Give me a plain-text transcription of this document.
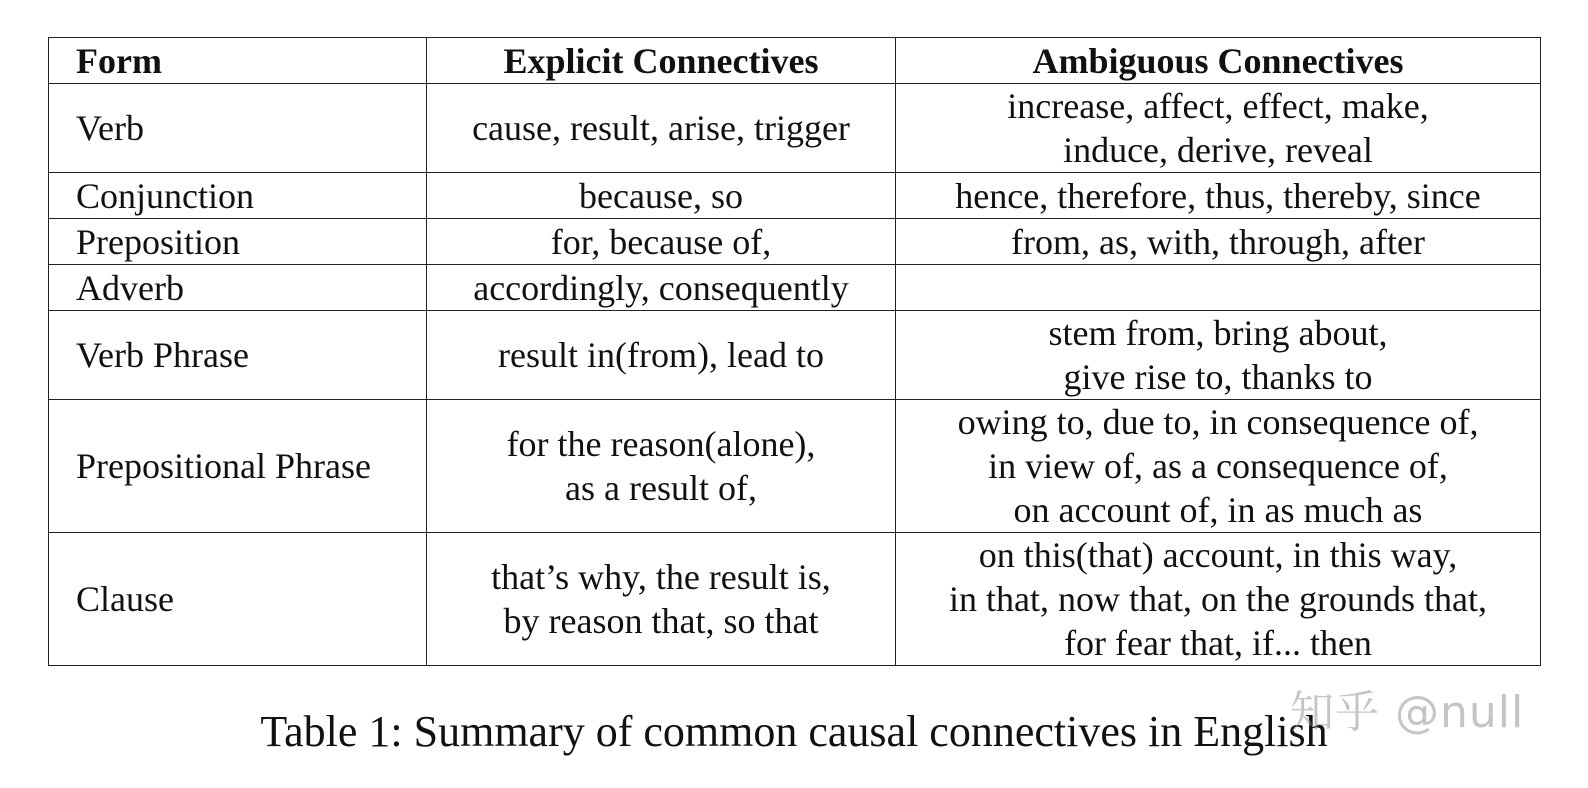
Form	Explicit Connectives	Ambiguous Connectives
Verb	cause, result, arise, trigger	increase, affect, effect, make,
induce, derive, reveal

Conjunction	because, so	hence, therefore, thus, thereby, since

Preposition	for, because of,	from, as, with, through, after

Adverb	accordingly, consequently	

Verb Phrase	result in(from), lead to	stem from, bring about,
give rise to, thanks to

Prepositional Phrase	for the reason(alone),
as a result of,	owing to, due to, in consequence of,
in view of, as a consequence of,
on account of, in as much as

Clause	that’s why, the result is,
by reason that, so that	on this(that) account, in this way,
in that, now that, on the grounds that,
for fear that, if... then
Table 1: Summary of common causal connectives in English
知乎 @null
